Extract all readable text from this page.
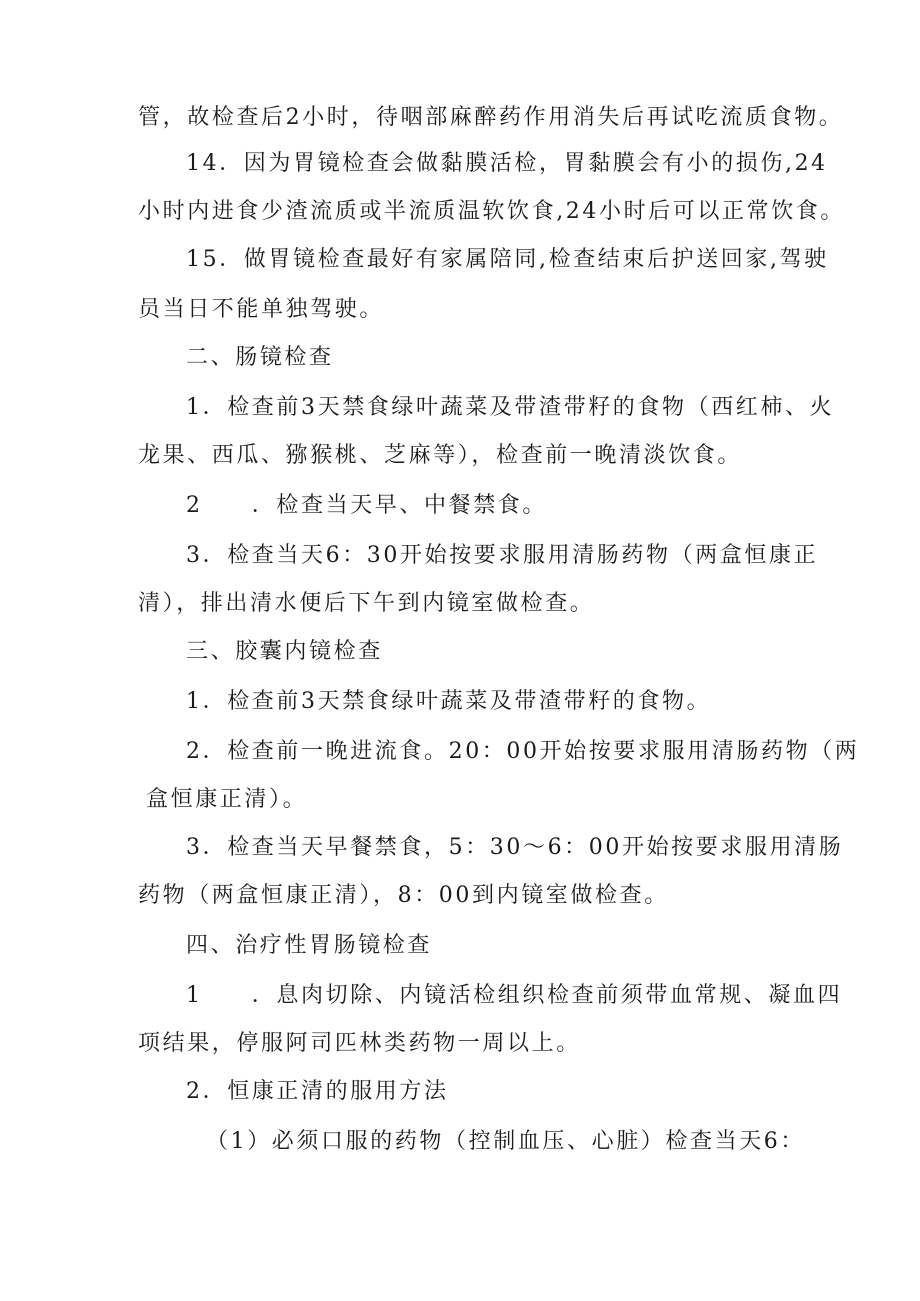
管，故检查后2小时，待咽部麻醉药作用消失后再试吃流质食物。
14．因为胃镜检查会做黏膜活检，胃黏膜会有小的损伤,24
小时内进食少渣流质或半流质温软饮食,24小时后可以正常饮食。
15．做胃镜检查最好有家属陪同,检查结束后护送回家,驾驶
员当日不能单独驾驶。
二、肠镜检查
1．检查前3天禁食绿叶蔬菜及带渣带籽的食物（西红柿、火
龙果、西瓜、猕猴桃、芝麻等），检查前一晚清淡饮食。
2　　．检查当天早、中餐禁食。
3．检查当天6：30开始按要求服用清肠药物（两盒恒康正
清），排出清水便后下午到内镜室做检查。
三、胶囊内镜检查
1．检查前3天禁食绿叶蔬菜及带渣带籽的食物。
2．检查前一晚进流食。20：00开始按要求服用清肠药物（两
盒恒康正清）。
3．检查当天早餐禁食，5：30～6：00开始按要求服用清肠
药物（两盒恒康正清），8：00到内镜室做检查。
四、治疗性胃肠镜检查
1　　．息肉切除、内镜活检组织检查前须带血常规、凝血四
项结果，停服阿司匹林类药物一周以上。
2．恒康正清的服用方法
（1）必须口服的药物（控制血压、心脏）检查当天6：
